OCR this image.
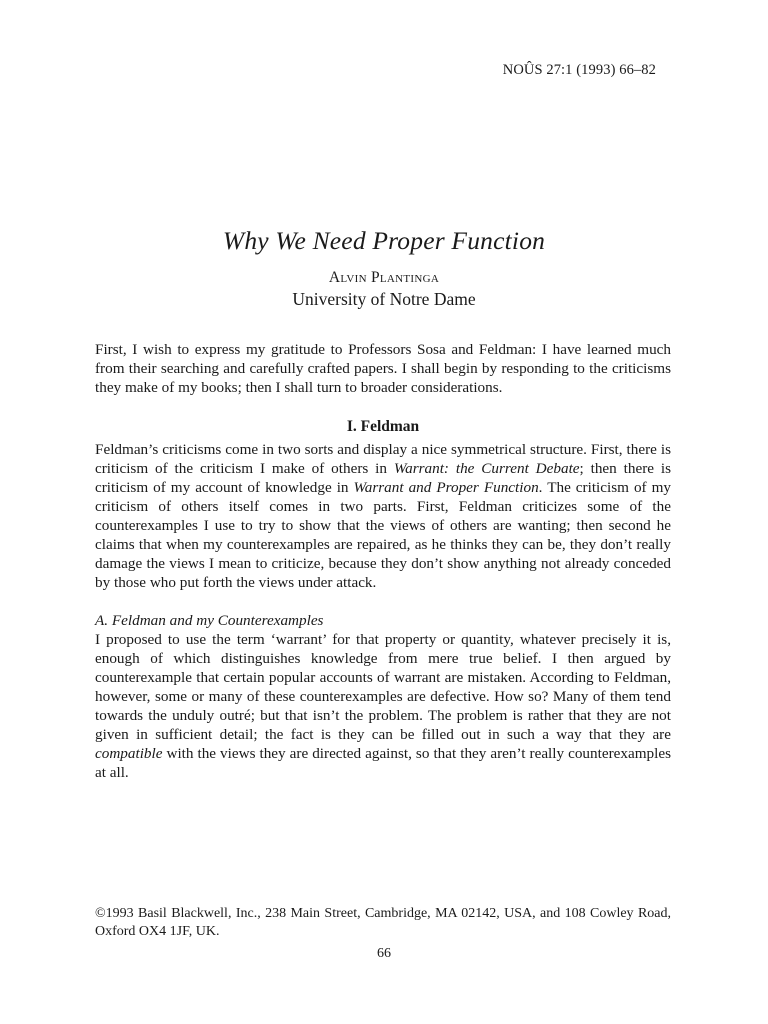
NOÛS 27:1 (1993) 66–82
Why We Need Proper Function
Alvin Plantinga
University of Notre Dame

First, I wish to express my gratitude to Professors Sosa and Feldman: I have learned much from their searching and carefully crafted papers. I shall begin by responding to the criticisms they make of my books; then I shall turn to broader considerations.

I. Feldman

Feldman’s criticisms come in two sorts and display a nice symmetrical structure. First, there is criticism of the criticism I make of others in Warrant: the Current Debate; then there is criticism of my account of knowledge in Warrant and Proper Function. The criticism of my criticism of others itself comes in two parts. First, Feldman criticizes some of the counterexamples I use to try to show that the views of others are wanting; then second he claims that when my counterexamples are repaired, as he thinks they can be, they don’t really damage the views I mean to criticize, because they don’t show anything not already conceded by those who put forth the views under attack.

A. Feldman and my Counterexamples

I proposed to use the term ‘warrant’ for that property or quantity, whatever precisely it is, enough of which distinguishes knowledge from mere true belief. I then argued by counterexample that certain popular accounts of warrant are mistaken. According to Feldman, however, some or many of these counterexamples are defective. How so? Many of them tend towards the unduly outré; but that isn’t the problem. The problem is rather that they are not given in sufficient detail; the fact is they can be filled out in such a way that they are compatible with the views they are directed against, so that they aren’t really counterexamples at all.

©1993 Basil Blackwell, Inc., 238 Main Street, Cambridge, MA 02142, USA, and 108 Cowley Road, Oxford OX4 1JF, UK.
66
